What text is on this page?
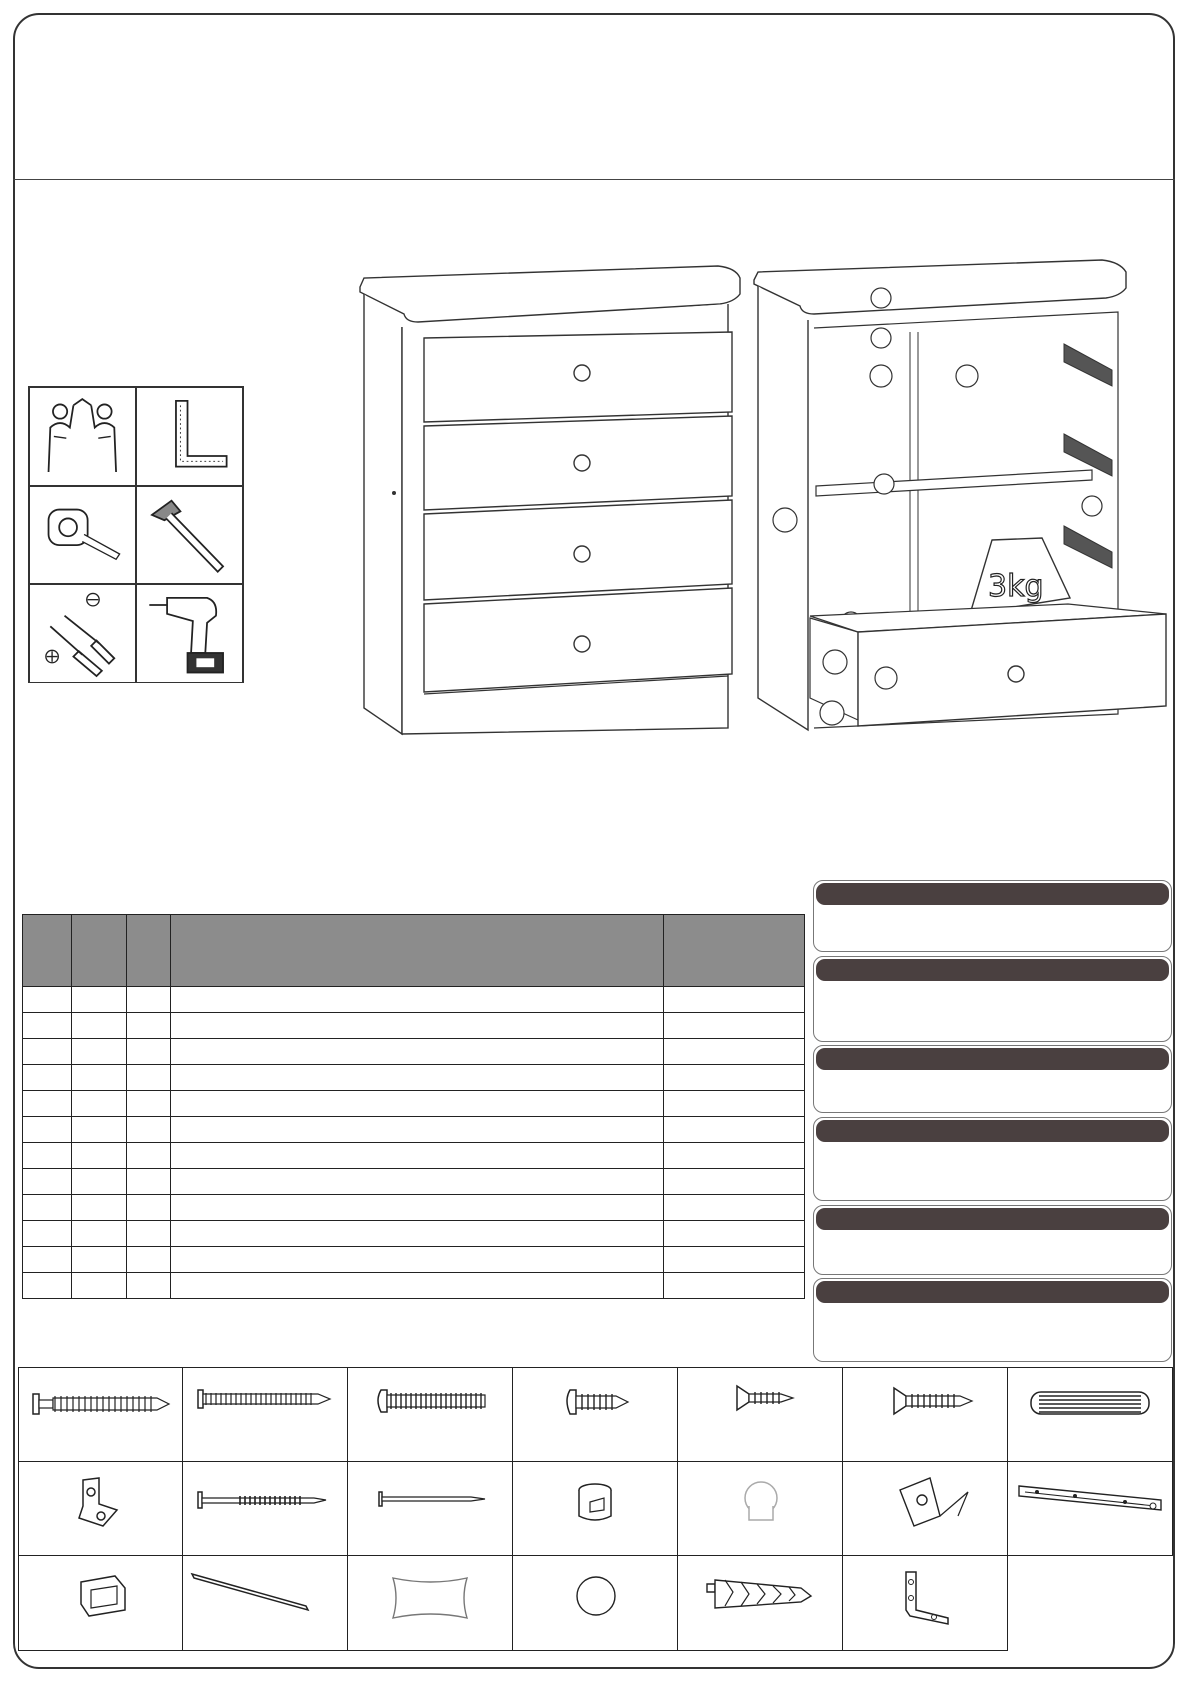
3kg
